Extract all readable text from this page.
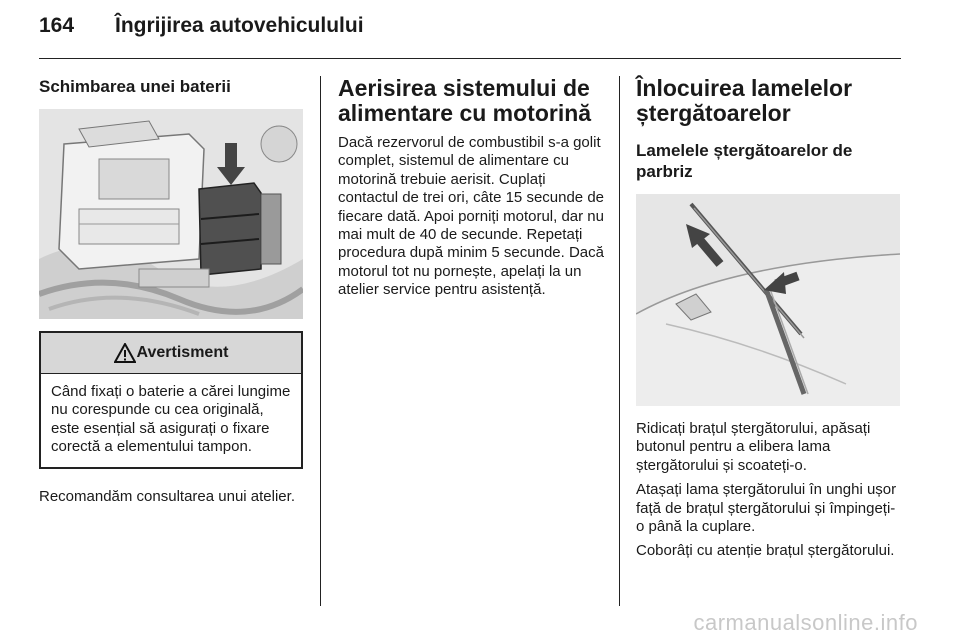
164 Îngrijirea autovehiculului

Schimbarea unei baterii

Avertisment
Când fixați o baterie a cărei lungime nu corespunde cu cea originală, este esențial să asigurați o fixare corectă a elementului tampon.

Recomandăm consultarea unui atelier.

Aerisirea sistemului de alimentare cu motorină

Dacă rezervorul de combustibil s-a golit complet, sistemul de alimentare cu motorină trebuie aerisit. Cuplați contactul de trei ori, câte 15 secunde de fiecare dată. Apoi porniți motorul, dar nu mai mult de 40 de secunde. Repetați procedura după minim 5 secunde. Dacă motorul tot nu pornește, apelați la un atelier service pentru asistență.

Înlocuirea lamelelor ștergătoarelor

Lamelele ștergătoarelor de parbriz

Ridicați brațul ștergătorului, apăsați butonul pentru a elibera lama ștergătorului și scoateți-o.

Atașați lama ștergătorului în unghi ușor față de brațul ștergătorului și împingeți-o până la cuplare.

Coborâți cu atenție brațul ștergătorului.

carmanualsonline.info
